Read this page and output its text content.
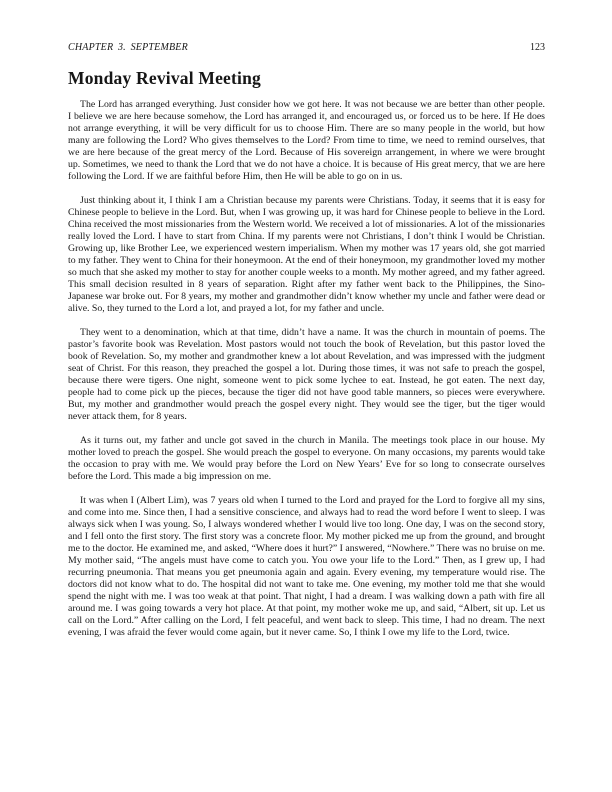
CHAPTER 3. SEPTEMBER	123
Monday Revival Meeting

The Lord has arranged everything. Just consider how we got here. It was not because we are better than other people. I believe we are here because somehow, the Lord has arranged it, and encouraged us, or forced us to be here. If He does not arrange everything, it will be very difficult for us to choose Him. There are so many people in the world, but how many are following the Lord? Who gives themselves to the Lord? From time to time, we need to remind ourselves, that we are here because of the great mercy of the Lord. Because of His sovereign arrangement, in where we were brought up. Sometimes, we need to thank the Lord that we do not have a choice. It is because of His great mercy, that we are here following the Lord. If we are faithful before Him, then He will be able to go on in us.

Just thinking about it, I think I am a Christian because my parents were Christians. Today, it seems that it is easy for Chinese people to believe in the Lord. But, when I was growing up, it was hard for Chinese people to believe in the Lord. China received the most missionaries from the Western world. We received a lot of missionaries. A lot of the missionaries really loved the Lord. I have to start from China. If my parents were not Christians, I don’t think I would be Christian. Growing up, like Brother Lee, we experienced western imperialism. When my mother was 17 years old, she got married to my father. They went to China for their honeymoon. At the end of their honeymoon, my grandmother loved my mother so much that she asked my mother to stay for another couple weeks to a month. My mother agreed, and my father agreed. This small decision resulted in 8 years of separation. Right after my father went back to the Philippines, the Sino-Japanese war broke out. For 8 years, my mother and grandmother didn’t know whether my uncle and father were dead or alive. So, they turned to the Lord a lot, and prayed a lot, for my father and uncle.

They went to a denomination, which at that time, didn’t have a name. It was the church in mountain of poems. The pastor’s favorite book was Revelation. Most pastors would not touch the book of Revelation, but this pastor loved the book of Revelation. So, my mother and grandmother knew a lot about Revelation, and was impressed with the judgment seat of Christ. For this reason, they preached the gospel a lot. During those times, it was not safe to preach the gospel, because there were tigers. One night, someone went to pick some lychee to eat. Instead, he got eaten. The next day, people had to come pick up the pieces, because the tiger did not have good table manners, so pieces were everywhere. But, my mother and grandmother would preach the gospel every night. They would see the tiger, but the tiger would never attack them, for 8 years.

As it turns out, my father and uncle got saved in the church in Manila. The meetings took place in our house. My mother loved to preach the gospel. She would preach the gospel to everyone. On many occasions, my parents would take the occasion to pray with me. We would pray before the Lord on New Years’ Eve for so long to consecrate ourselves before the Lord. This made a big impression on me.

It was when I (Albert Lim), was 7 years old when I turned to the Lord and prayed for the Lord to forgive all my sins, and come into me. Since then, I had a sensitive conscience, and always had to read the word before I went to sleep. I was always sick when I was young. So, I always wondered whether I would live too long. One day, I was on the second story, and I fell onto the first story. The first story was a concrete floor. My mother picked me up from the ground, and brought me to the doctor. He examined me, and asked, “Where does it hurt?” I answered, “Nowhere.” There was no bruise on me. My mother said, “The angels must have come to catch you. You owe your life to the Lord.” Then, as I grew up, I had recurring pneumonia. That means you get pneumonia again and again. Every evening, my temperature would rise. The doctors did not know what to do. The hospital did not want to take me. One evening, my mother told me that she would spend the night with me. I was too weak at that point. That night, I had a dream. I was walking down a path with fire all around me. I was going towards a very hot place. At that point, my mother woke me up, and said, “Albert, sit up. Let us call on the Lord.” After calling on the Lord, I felt peaceful, and went back to sleep. This time, I had no dream. The next evening, I was afraid the fever would come again, but it never came. So, I think I owe my life to the Lord, twice.
